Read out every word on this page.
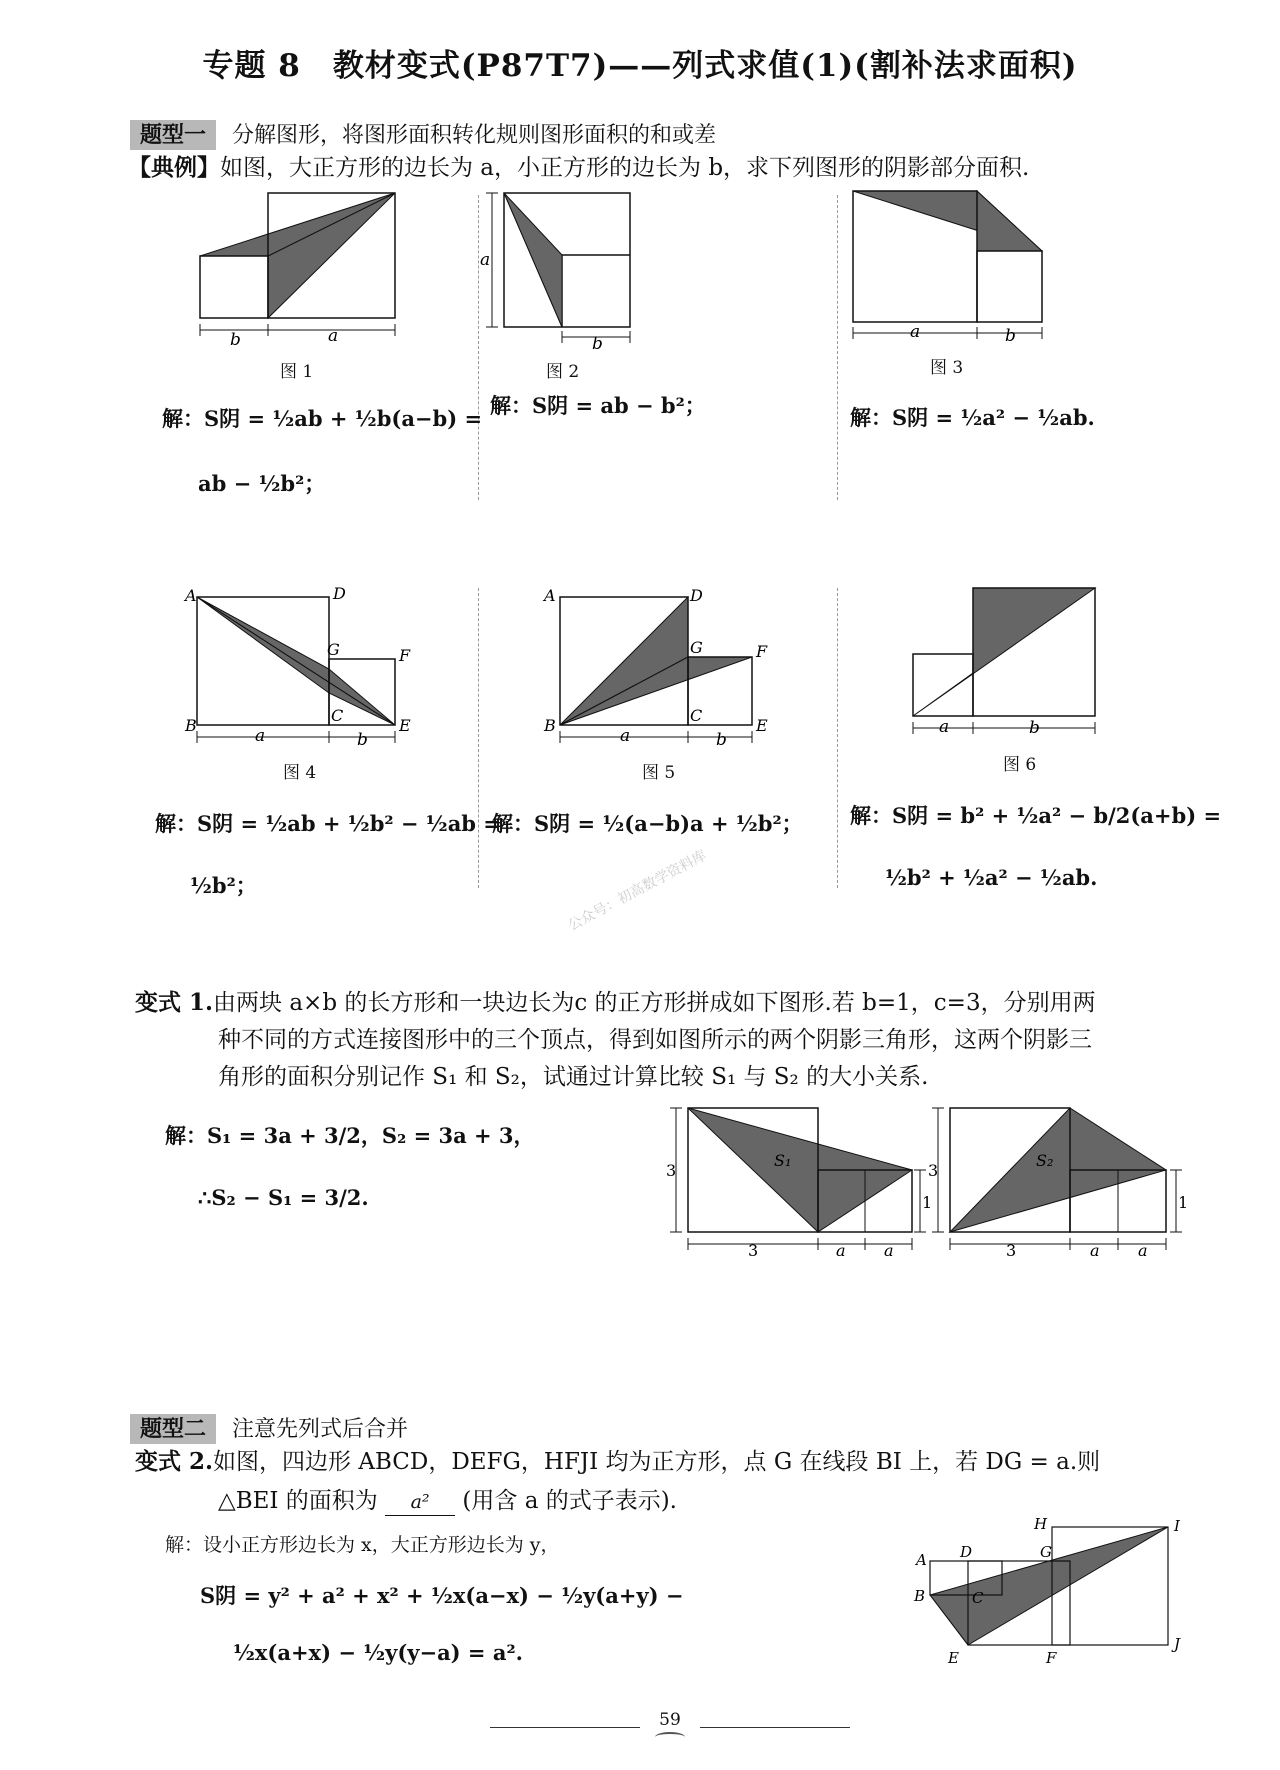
专题 8　教材变式(P87T7)——列式求值(1)(割补法求面积)
题型一 分解图形，将图形面积转化规则图形面积的和或差
【典例】如图，大正方形的边长为 a，小正方形的边长为 b，求下列图形的阴影部分面积.
b	a
图 1
解：S阴 = ½ab + ½b(a−b) =
ab − ½b²；
a
b
图 2
解：S阴 = ab − b²；
a	b
图 3
解：S阴 = ½a² − ½ab.
A	D
G	F
B
C
E
a	b
图 4
解：S阴 = ½ab + ½b² − ½ab =
½b²；
A	D
G	F
B
C
E
a	b
图 5
解：S阴 = ½(a−b)a + ½b²；
a	b
图 6
解：S阴 = b² + ½a² − b/2(a+b) =
½b² + ½a² − ½ab.
公众号：初高数学资料库
变式 1.由两块 a×b 的长方形和一块边长为c 的正方形拼成如下图形.若 b=1，c=3，分别用两
种不同的方式连接图形中的三个顶点，得到如图所示的两个阴影三角形，这两个阴影三
角形的面积分别记作 S₁ 和 S₂，试通过计算比较 S₁ 与 S₂ 的大小关系.
解：S₁ = 3a + 3/2，S₂ = 3a + 3，
∴S₂ − S₁ = 3/2.
S₁
3
1
3	a a
S₂
3
1
3	a a
题型二 注意先列式后合并
变式 2.如图，四边形 ABCD，DEFG，HFJI 均为正方形，点 G 在线段 BI 上，若 DG = a.则
△BEI 的面积为 a² (用含 a 的式子表示).
解：设小正方形边长为 x，大正方形边长为 y，
S阴 = y² + a² + x² + ½x(a−x) − ½y(a+y) −
½x(a+x) − ½y(y−a) = a².
H	I
A D	G
B	C
E	F
J
59
